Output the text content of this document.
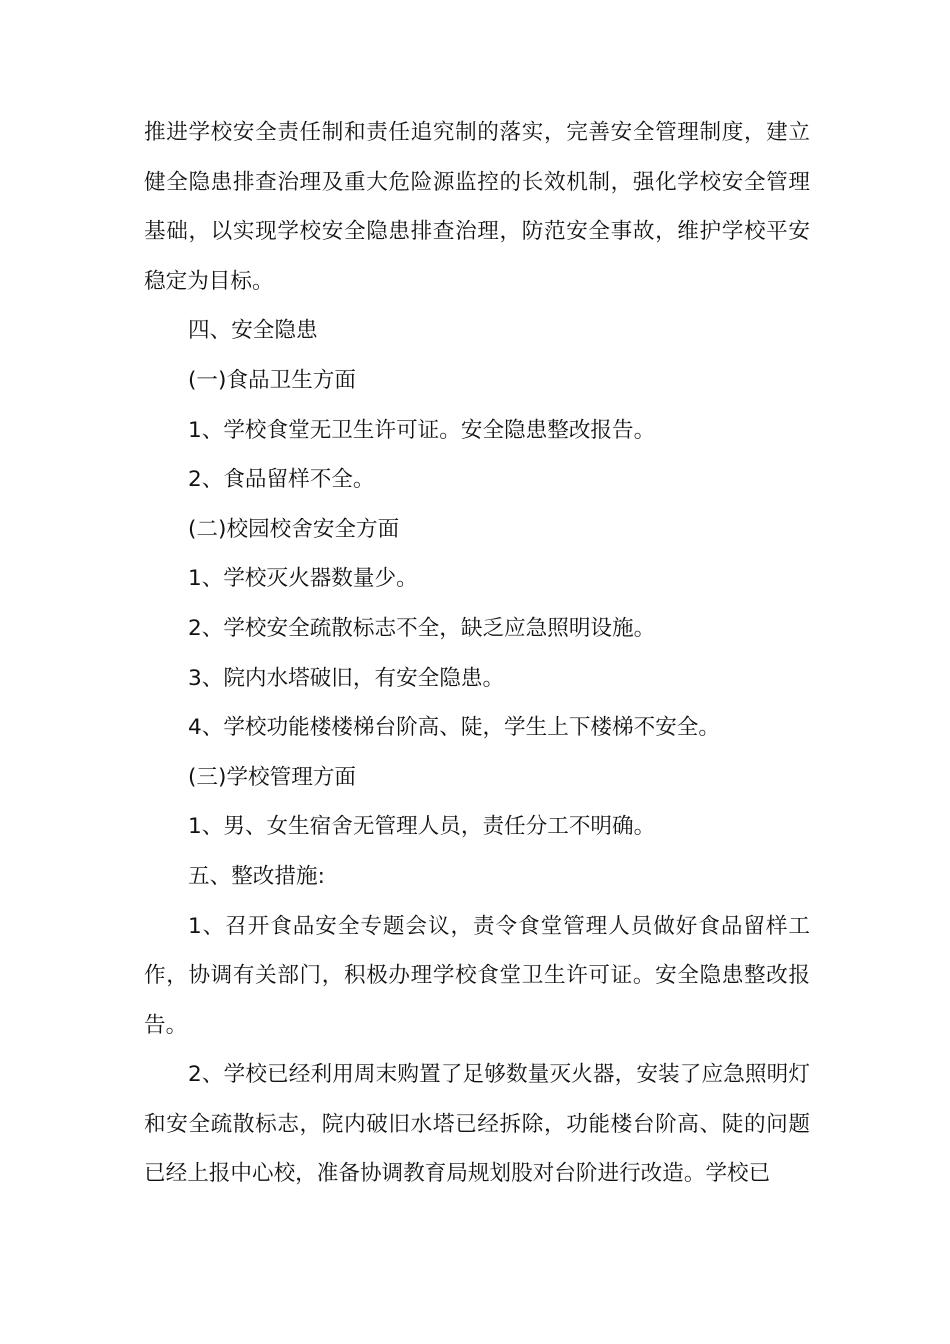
推进学校安全责任制和责任追究制的落实，完善安全管理制度，建立健全隐患排查治理及重大危险源监控的长效机制，强化学校安全管理基础，以实现学校安全隐患排查治理，防范安全事故，维护学校平安稳定为目标。

四、安全隐患

(一)食品卫生方面

1、学校食堂无卫生许可证。安全隐患整改报告。

2、食品留样不全。

(二)校园校舍安全方面

1、学校灭火器数量少。

2、学校安全疏散标志不全，缺乏应急照明设施。

3、院内水塔破旧，有安全隐患。

4、学校功能楼楼梯台阶高、陡，学生上下楼梯不安全。

(三)学校管理方面

1、男、女生宿舍无管理人员，责任分工不明确。

五、整改措施:

1、召开食品安全专题会议，责令食堂管理人员做好食品留样工作，协调有关部门，积极办理学校食堂卫生许可证。安全隐患整改报告。

2、学校已经利用周末购置了足够数量灭火器，安装了应急照明灯和安全疏散标志，院内破旧水塔已经拆除，功能楼台阶高、陡的问题已经上报中心校，准备协调教育局规划股对台阶进行改造。学校已
